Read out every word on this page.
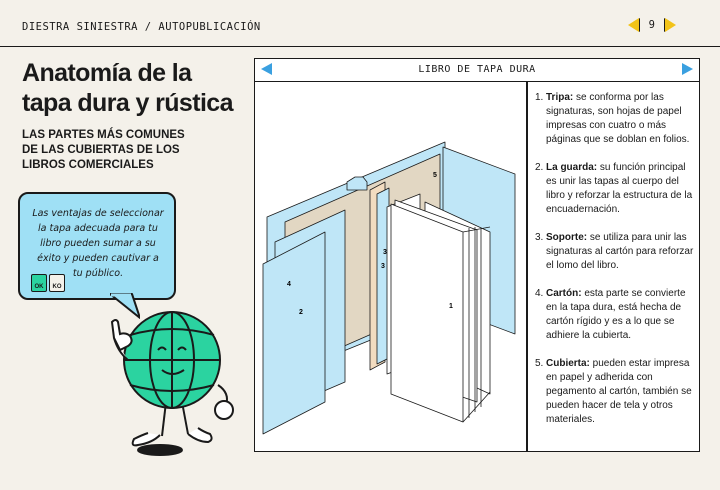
DIESTRA SINIESTRA / AUTOPUBLICACIÓN	9
Anatomía de la tapa dura y rústica

LAS PARTES MÁS COMUNES DE LAS CUBIERTAS DE LOS LIBROS COMERCIALES

Las ventajas de seleccionar la tapa adecuada para tu libro pueden sumar a su éxito y pueden cautivar a tu público.
OK	KO
LIBRO DE TAPA DURA
1
2
3
3
4
5
1. Tripa: se conforma por las signaturas, son hojas de papel impresas con cuatro o más páginas que se doblan en folios.
2. La guarda: su función principal es unir las tapas al cuerpo del libro y reforzar la estructura de la encuadernación.
3. Soporte: se utiliza para unir las signaturas al cartón para reforzar el lomo del libro.
4. Cartón: esta parte se convierte en la tapa dura, está hecha de cartón rígido y es a lo que se adhiere la cubierta.
5. Cubierta: pueden estar impresa en papel y adherida con pegamento al cartón, también se pueden hacer de tela y otros materiales.
